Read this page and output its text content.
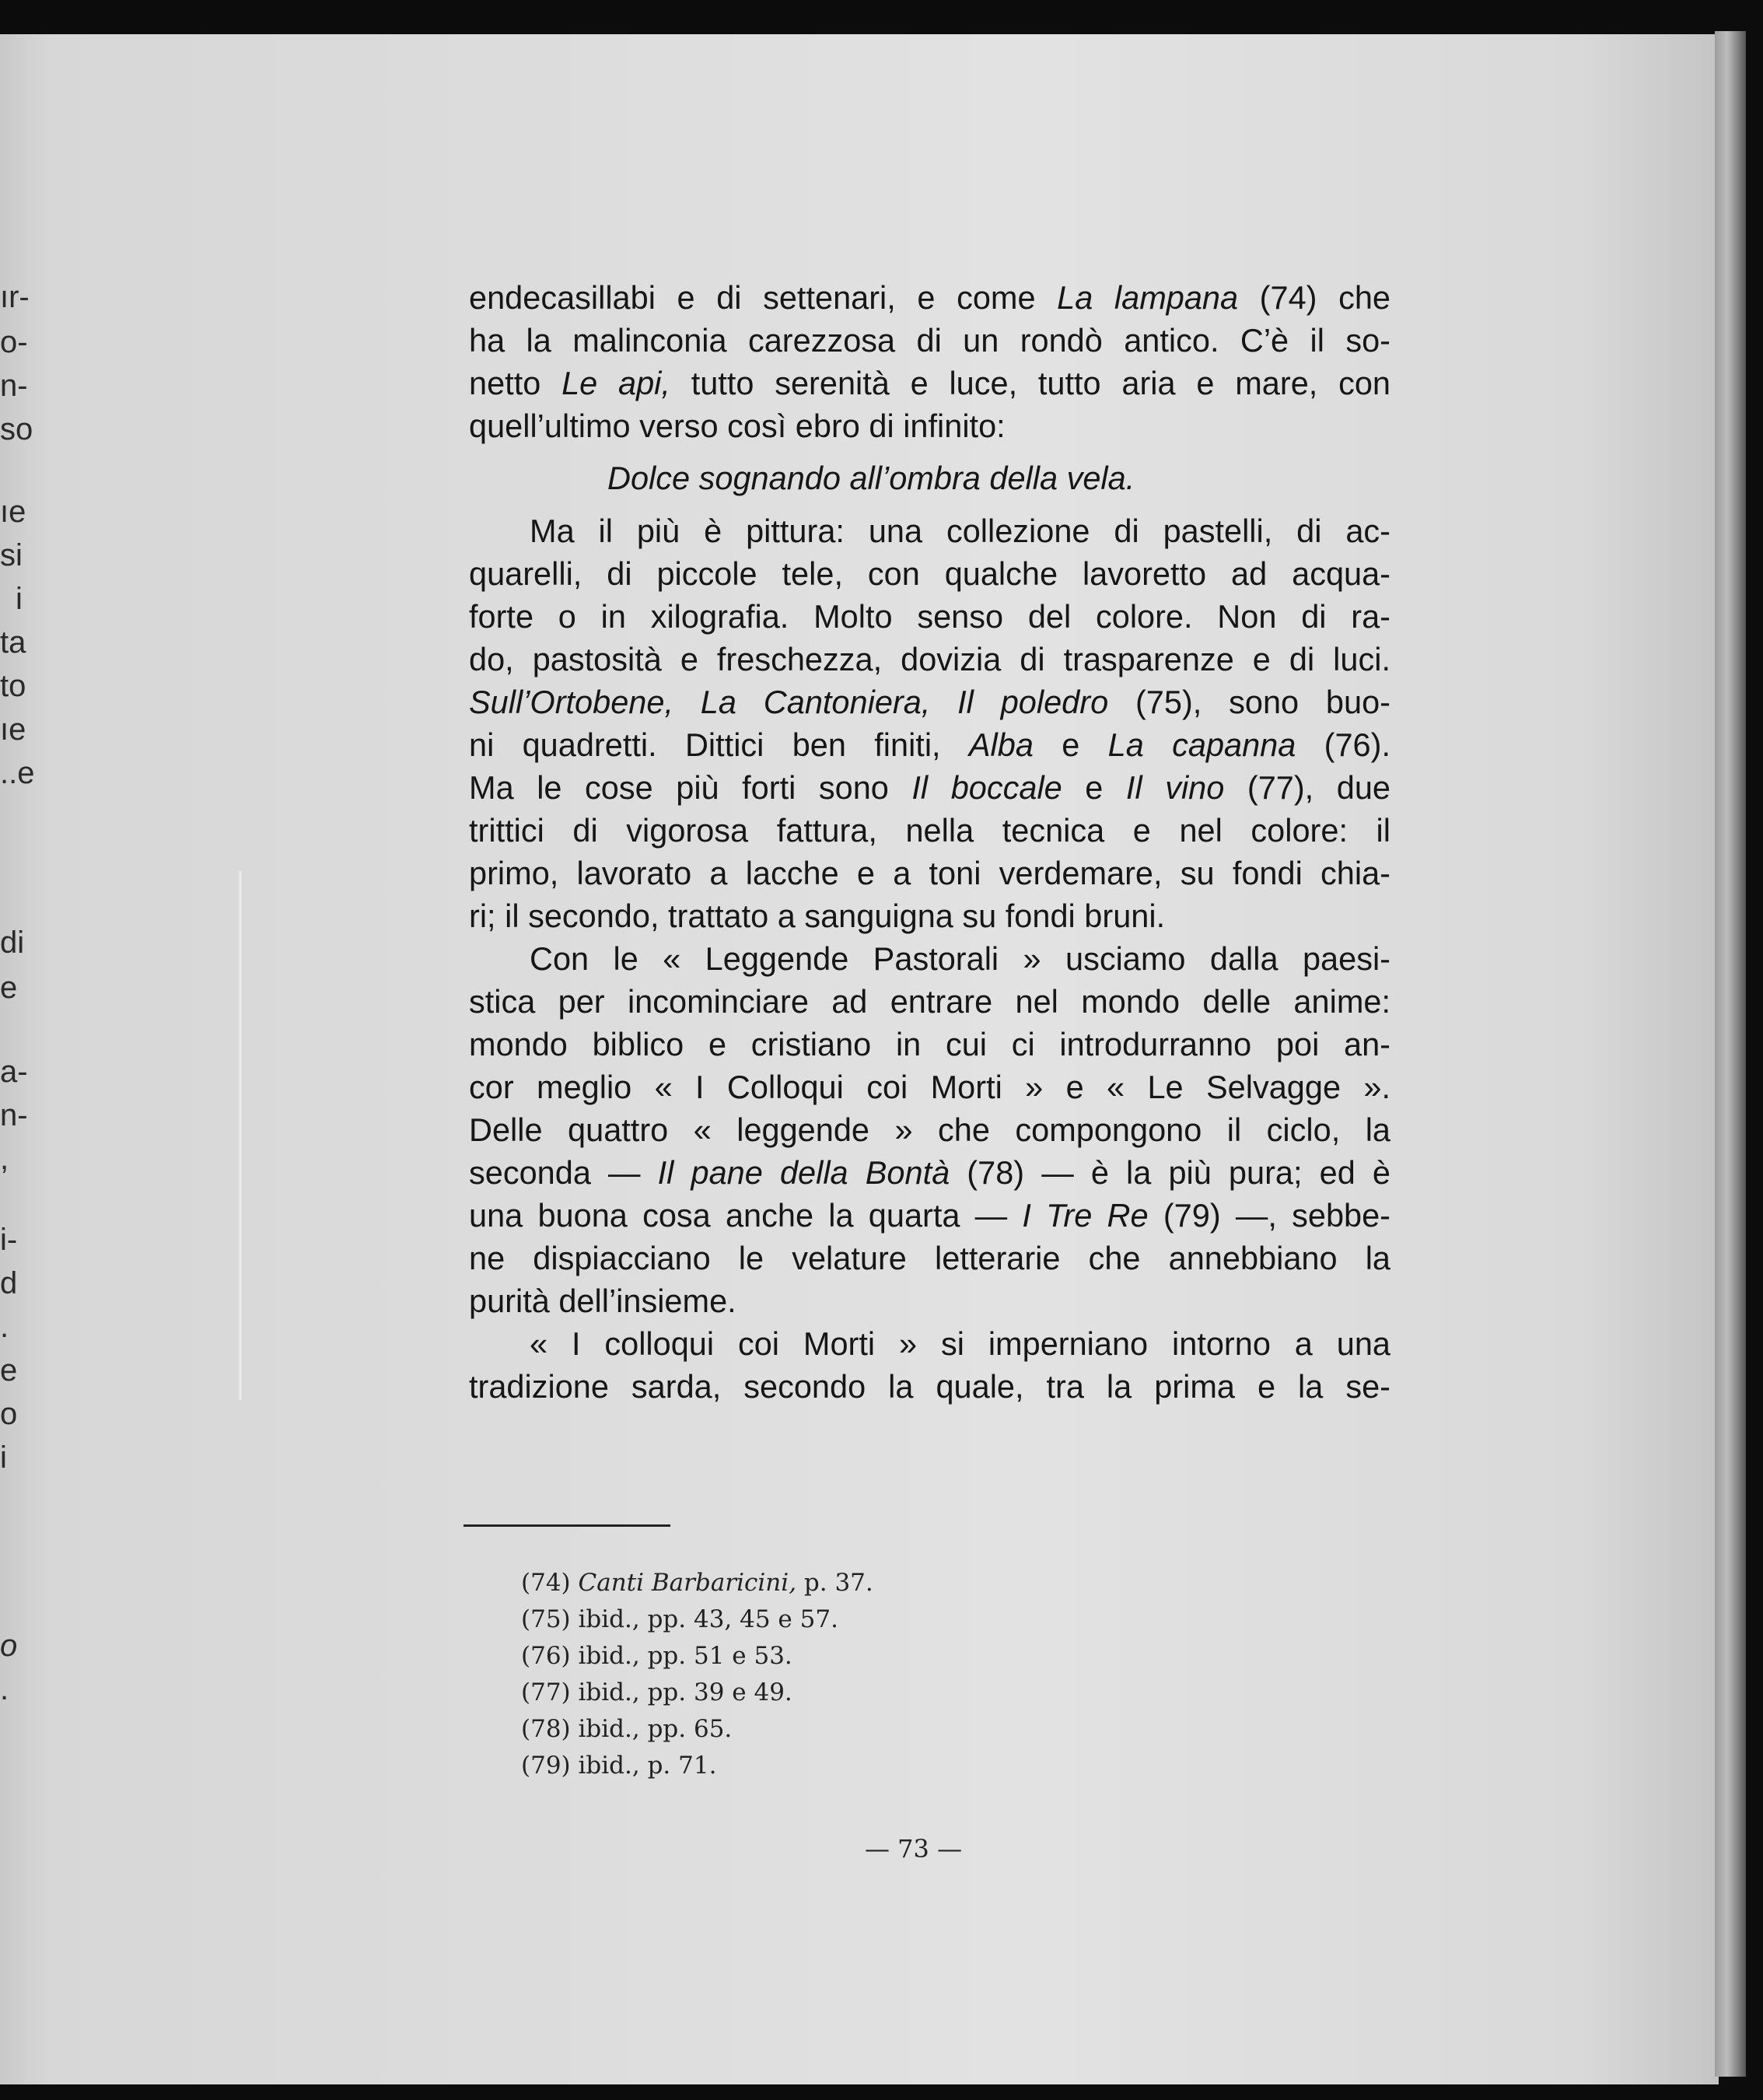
ır-
o-
n-
so
ıe
si
i
ta
to
ıe
..e
di
e
a-
n-
,
i-
d
.
e
o
i
o
.
endecasillabi e di settenari, e come La lampana (74) che
ha la malinconia carezzosa di un rondò antico. C’è il so-
netto Le api, tutto serenità e luce, tutto aria e mare, con
quell’ultimo verso così ebro di infinito:
Dolce sognando all’ombra della vela.
Ma il più è pittura: una collezione di pastelli, di ac-
quarelli, di piccole tele, con qualche lavoretto ad acqua-
forte o in xilografia. Molto senso del colore. Non di ra-
do, pastosità e freschezza, dovizia di trasparenze e di luci.
Sull’Ortobene, La Cantoniera, Il poledro (75), sono buo-
ni quadretti. Dittici ben finiti, Alba e La capanna (76).
Ma le cose più forti sono Il boccale e Il vino (77), due
trittici di vigorosa fattura, nella tecnica e nel colore: il
primo, lavorato a lacche e a toni verdemare, su fondi chia-
ri; il secondo, trattato a sanguigna su fondi bruni.
Con le « Leggende Pastorali » usciamo dalla paesi-
stica per incominciare ad entrare nel mondo delle anime:
mondo biblico e cristiano in cui ci introdurranno poi an-
cor meglio « I Colloqui coi Morti » e « Le Selvagge ».
Delle quattro « leggende » che compongono il ciclo, la
seconda — Il pane della Bontà (78) — è la più pura; ed è
una buona cosa anche la quarta — I Tre Re (79) —, sebbe-
ne dispiacciano le velature letterarie che annebbiano la
purità dell’insieme.
« I colloqui coi Morti » si imperniano intorno a una
tradizione sarda, secondo la quale, tra la prima e la se-
(74) Canti Barbaricini, p. 37.
(75) ibid., pp. 43, 45 e 57.
(76) ibid., pp. 51 e 53.
(77) ibid., pp. 39 e 49.
(78) ibid., pp. 65.
(79) ibid., p. 71.
— 73 —
